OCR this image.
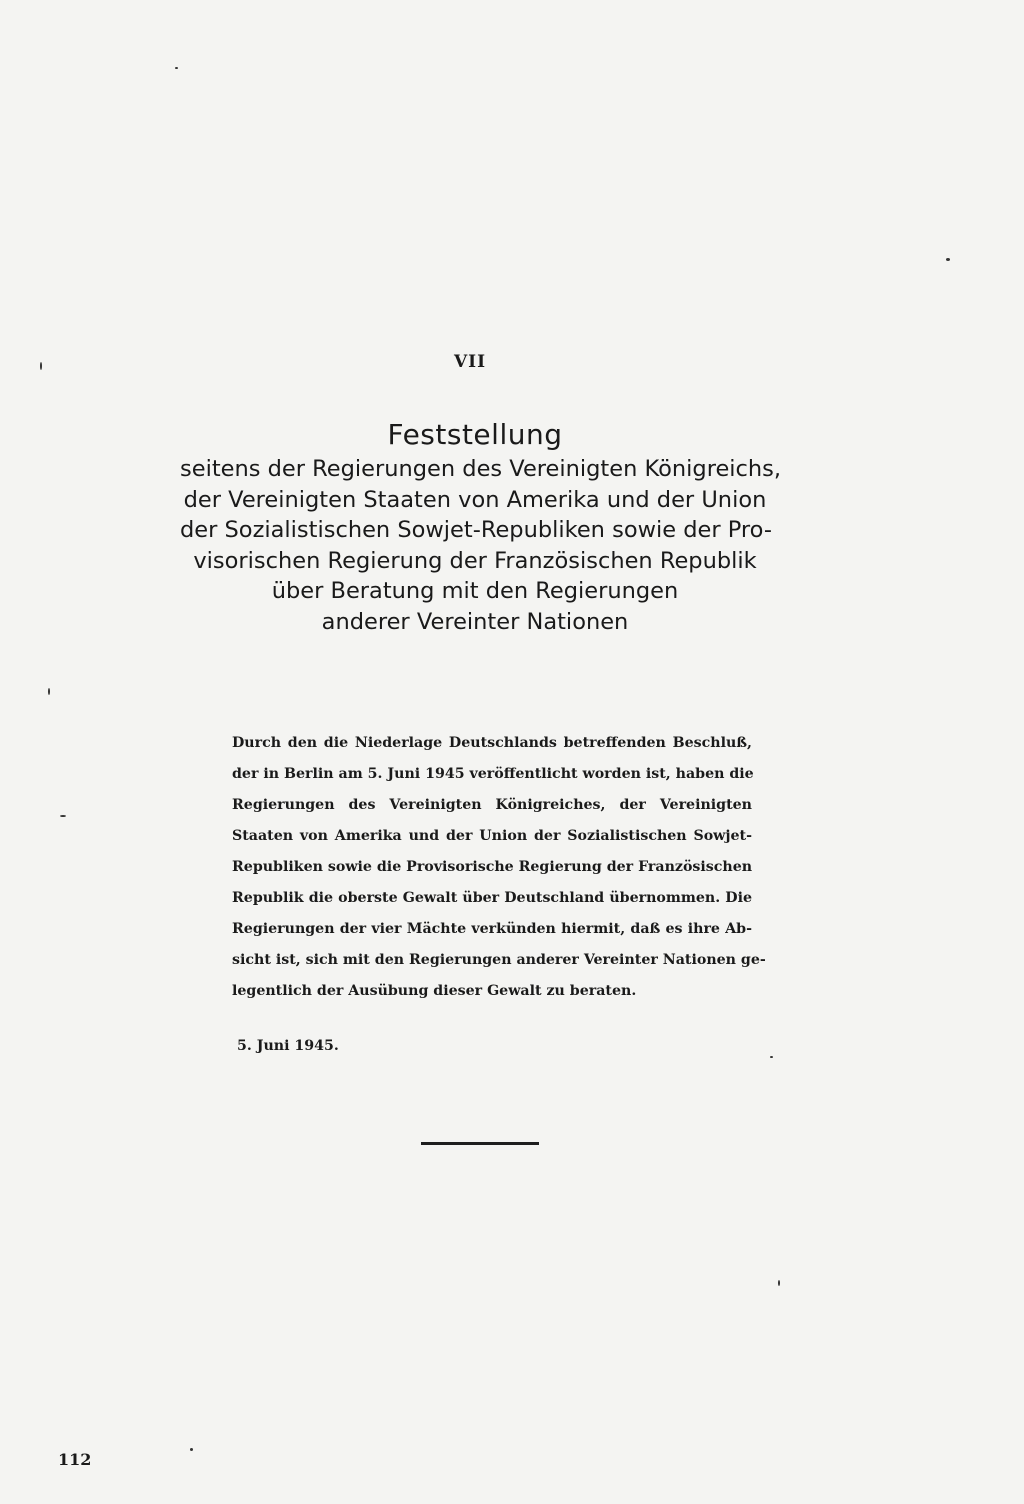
VII
Feststellung
seitens der Regierungen des Vereinigten Königreichs,
der Vereinigten Staaten von Amerika und der Union
der Sozialistischen Sowjet-Republiken sowie der Pro-
visorischen Regierung der Französischen Republik
über Beratung mit den Regierungen
anderer Vereinter Nationen
Durch den die Niederlage Deutschlands betreffenden Beschluß,
der in Berlin am 5. Juni 1945 veröffentlicht worden ist, haben die
Regierungen des Vereinigten Königreiches, der Vereinigten
Staaten von Amerika und der Union der Sozialistischen Sowjet-
Republiken sowie die Provisorische Regierung der Französischen
Republik die oberste Gewalt über Deutschland übernommen. Die
Regierungen der vier Mächte verkünden hiermit, daß es ihre Ab-
sicht ist, sich mit den Regierungen anderer Vereinter Nationen ge-
legentlich der Ausübung dieser Gewalt zu beraten.
5. Juni 1945.
112
